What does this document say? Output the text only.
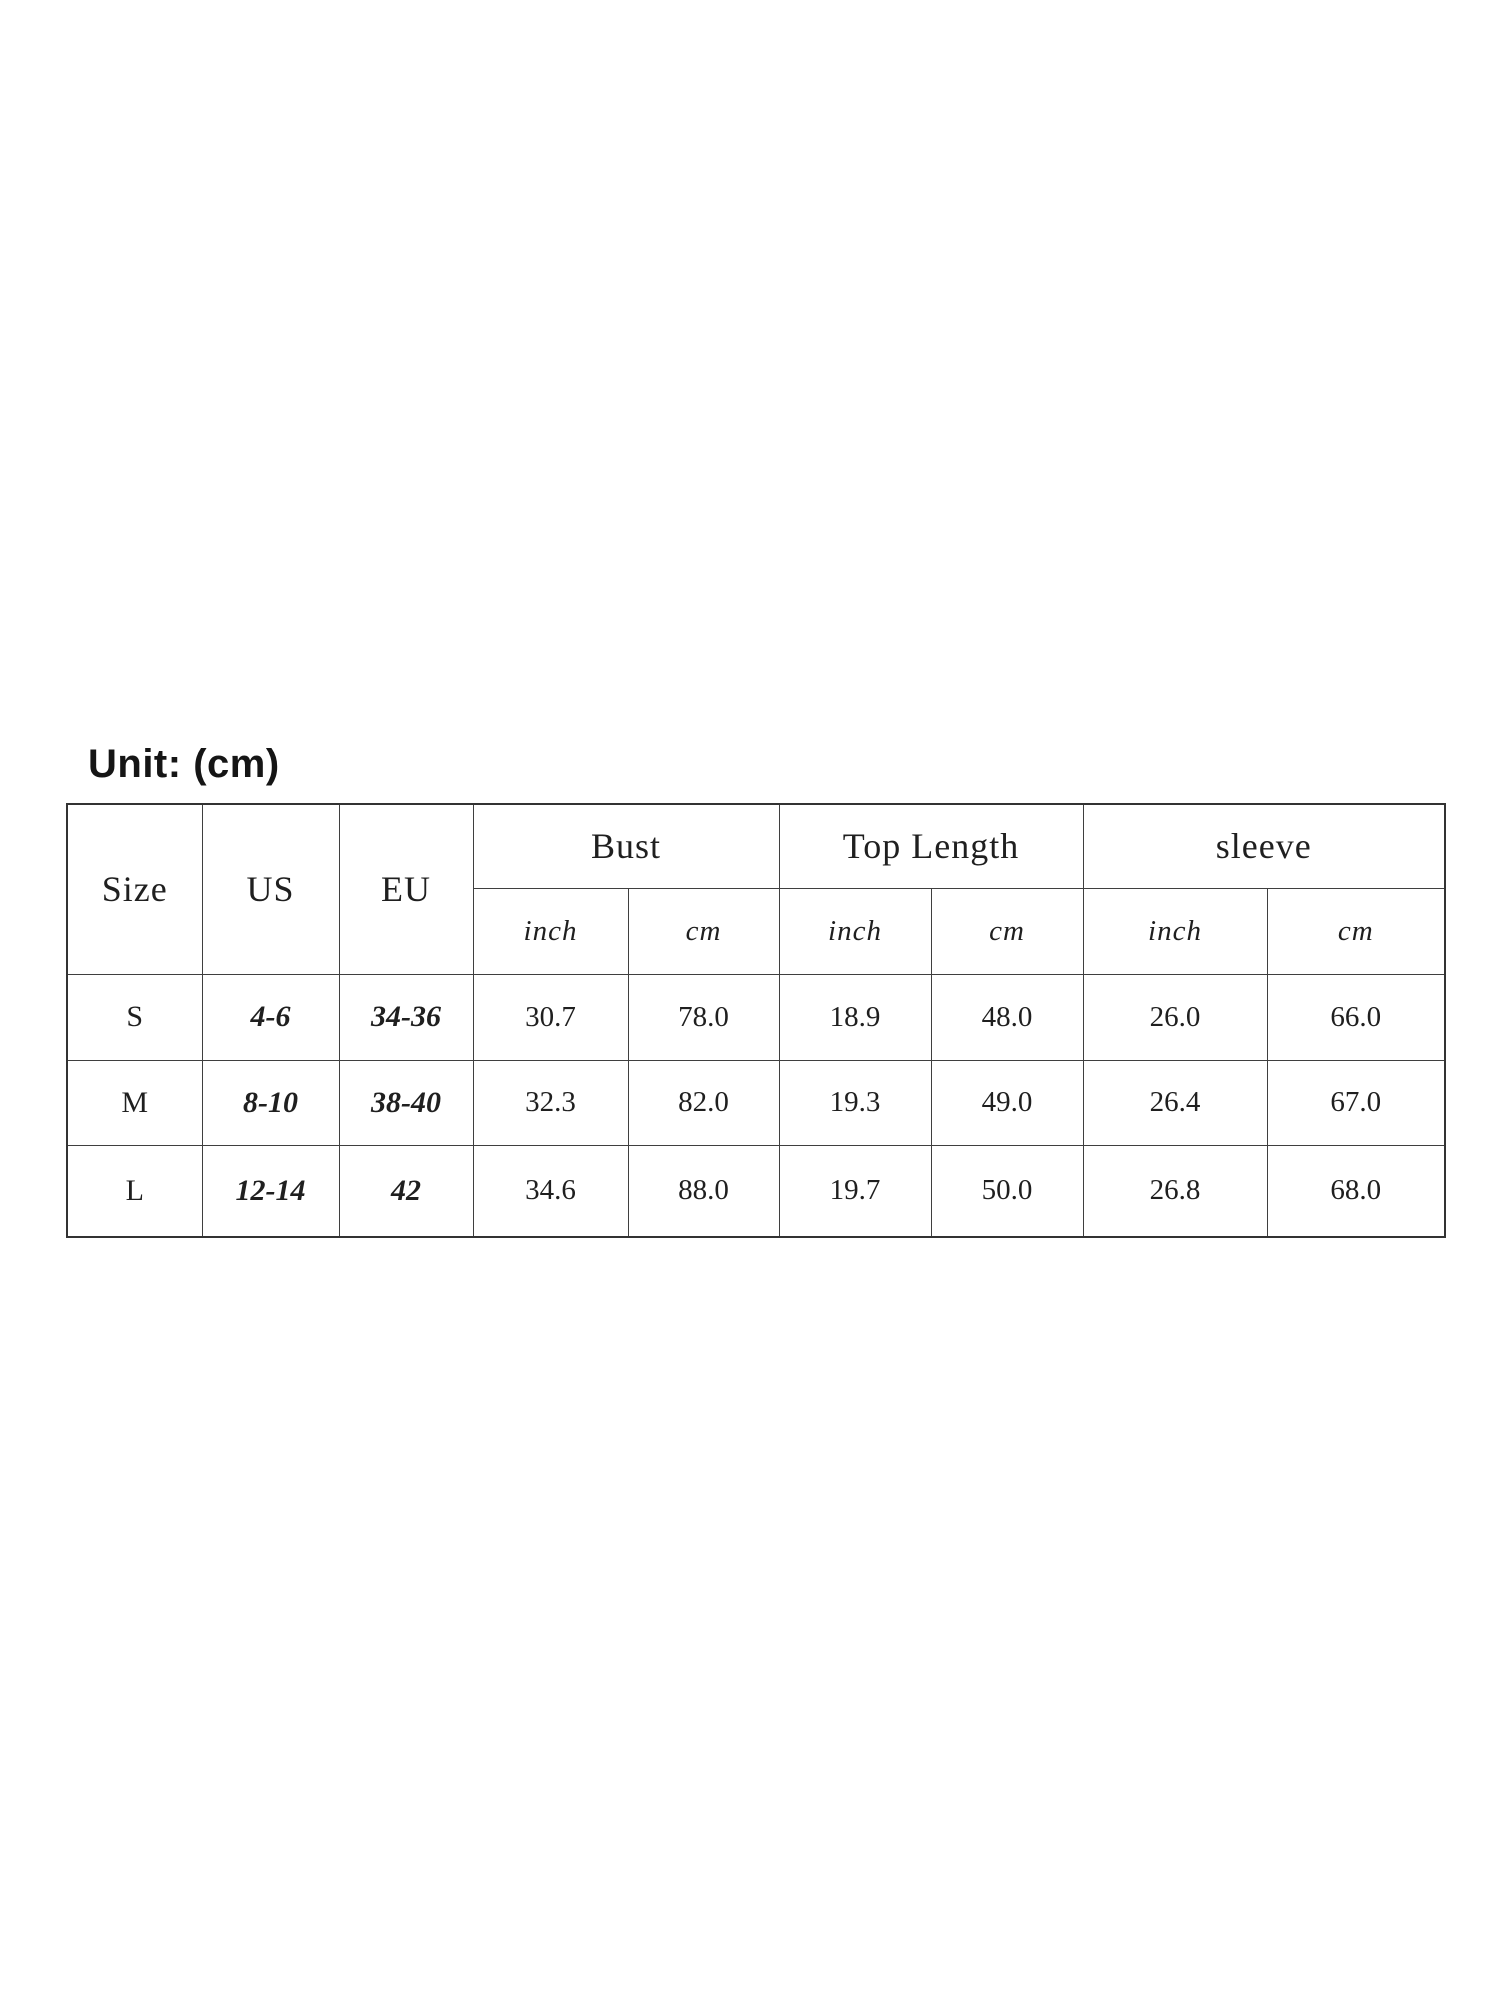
Unit: (cm)
Size	US	EU	Bust		Top Length		sleeve	
			inch	cm	inch	cm	inch	cm
S	4-6	34-36	30.7	78.0	18.9	48.0	26.0	66.0
M	8-10	38-40	32.3	82.0	19.3	49.0	26.4	67.0
L	12-14	42	34.6	88.0	19.7	50.0	26.8	68.0
